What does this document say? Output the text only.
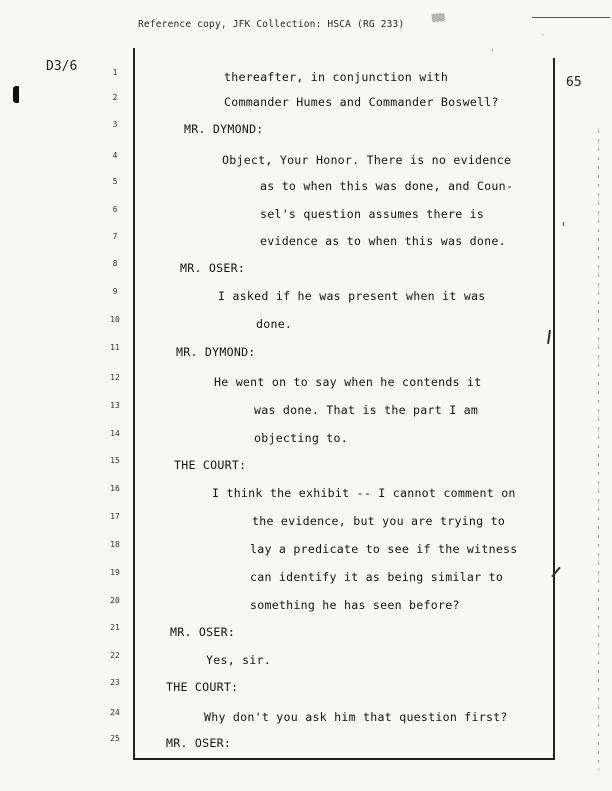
Reference copy, JFK Collection: HSCA (RG 233)
▒▒▒
-
·
D3/6
65
1	thereafter, in conjunction with
2	Commander Humes and Commander Boswell?
3	MR. DYMOND:
4	Object, Your Honor. There is no evidence
5	as to when this was done, and Coun-
6	sel's question assumes there is
7	evidence as to when this was done.
8	MR. OSER:
9	I asked if he was present when it was
10	done.
11	MR. DYMOND:
12	He went on to say when he contends it
13	was done. That is the part I am
14	objecting to.
15	THE COURT:
16	I think the exhibit -- I cannot comment on
17	the evidence, but you are trying to
18	lay a predicate to see if the witness
19	can identify it as being similar to
20	something he has seen before?
21	MR. OSER:
22	Yes, sir.
23	THE COURT:
24	Why don't you ask him that question first?
25	MR. OSER:
